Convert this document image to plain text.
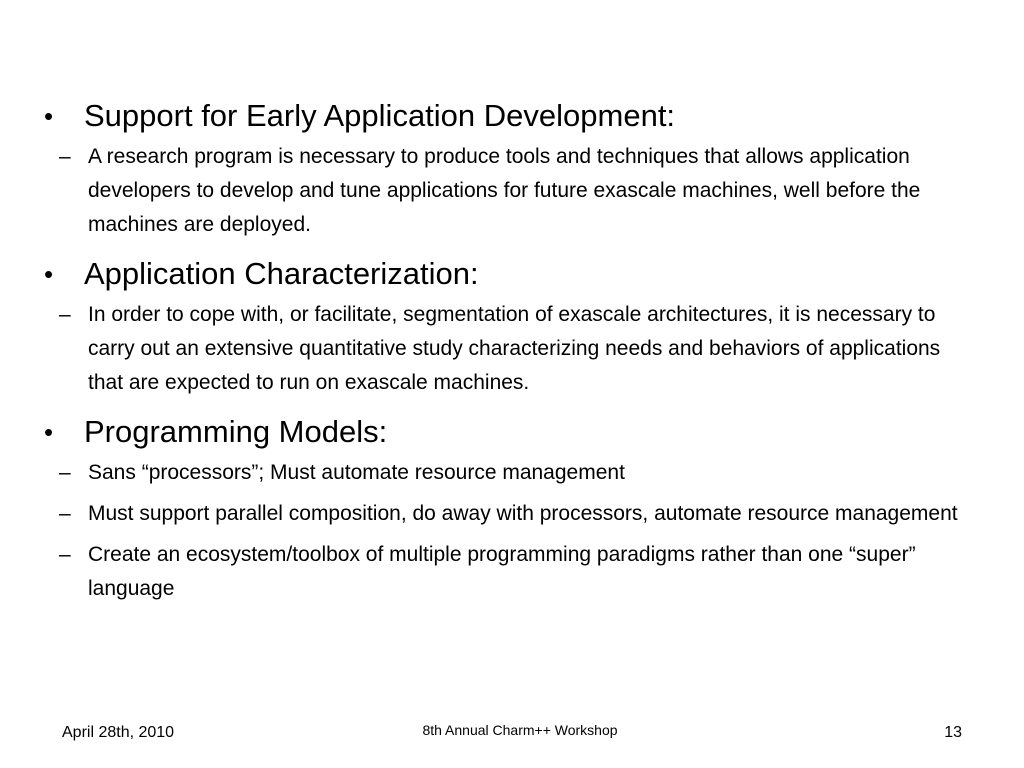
• Support for Early Application Development:
– A research program is necessary to produce tools and techniques that allows application developers to develop and tune applications for future exascale machines, well before the machines are deployed.
• Application Characterization:
– In order to cope with, or facilitate, segmentation of exascale architectures, it is necessary to carry out an extensive quantitative study characterizing needs and behaviors of applications that are expected to run on exascale machines.
• Programming Models:
– Sans “processors”; Must automate resource management
– Must support parallel composition, do away with processors, automate resource management
– Create an ecosystem/toolbox of multiple programming paradigms rather than one “super” language
April 28th, 2010	8th Annual Charm++ Workshop	13
